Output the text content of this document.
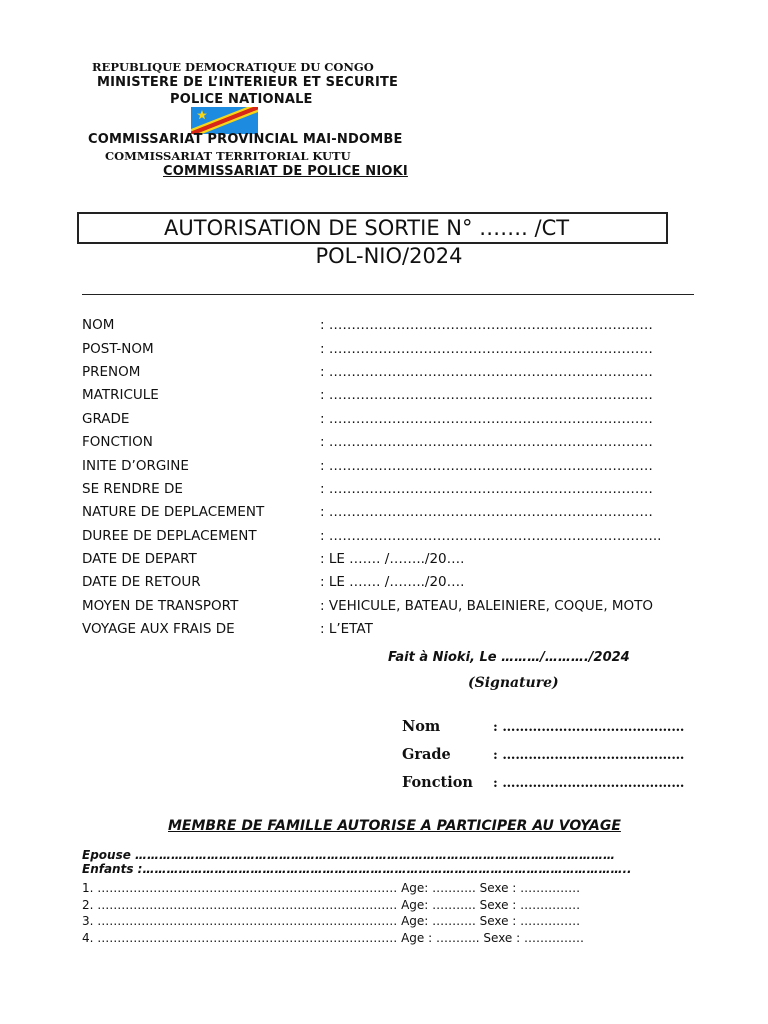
REPUBLIQUE DEMOCRATIQUE DU CONGO
MINISTERE DE L’INTERIEUR ET SECURITE
POLICE NATIONALE
COMMISSARIAT PROVINCIAL MAI-NDOMBE
COMMISSARIAT TERRITORIAL KUTU
COMMISSARIAT DE POLICE NIOKI
AUTORISATION DE SORTIE N° ……. /CT
POL-NIO/2024
NOM	: ………………………………………………………………
POST-NOM	: ………………………………………………………………
PRENOM	: ………………………………………………………………
MATRICULE	: ………………………………………………………………
GRADE	: ………………………………………………………………
FONCTION	: ………………………………………………………………
INITE D’ORGINE	: ………………………………………………………………
SE RENDRE DE	: ………………………………………………………………
NATURE DE DEPLACEMENT	: ………………………………………………………………
DUREE DE DEPLACEMENT	: ………………………………………………………………..
DATE DE DEPART	: LE ……. /……../20….
DATE DE RETOUR	: LE ……. /……../20….
MOYEN DE TRANSPORT	: VEHICULE, BATEAU, BALEINIERE, COQUE, MOTO
VOYAGE AUX FRAIS DE	: L’ETAT
Fait à Nioki, Le ………/………./2024
(Signature)
Nom	: ……………………………………
Grade	: ……………………………………
Fonction : ……………………………………
MEMBRE DE FAMILLE AUTORISE A PARTICIPER AU VOYAGE
Epouse …………………………………………………………………………………………………………
Enfants :…………………………………………………………………………………………………………..
1. ………………………………………………………………… Age: ……….. Sexe : ……………
2. ………………………………………………………………… Age: ……….. Sexe : ……………
3. ………………………………………………………………… Age: ……….. Sexe : ……………
4. ………………………………………………………………… Age : ……….. Sexe : ……………
